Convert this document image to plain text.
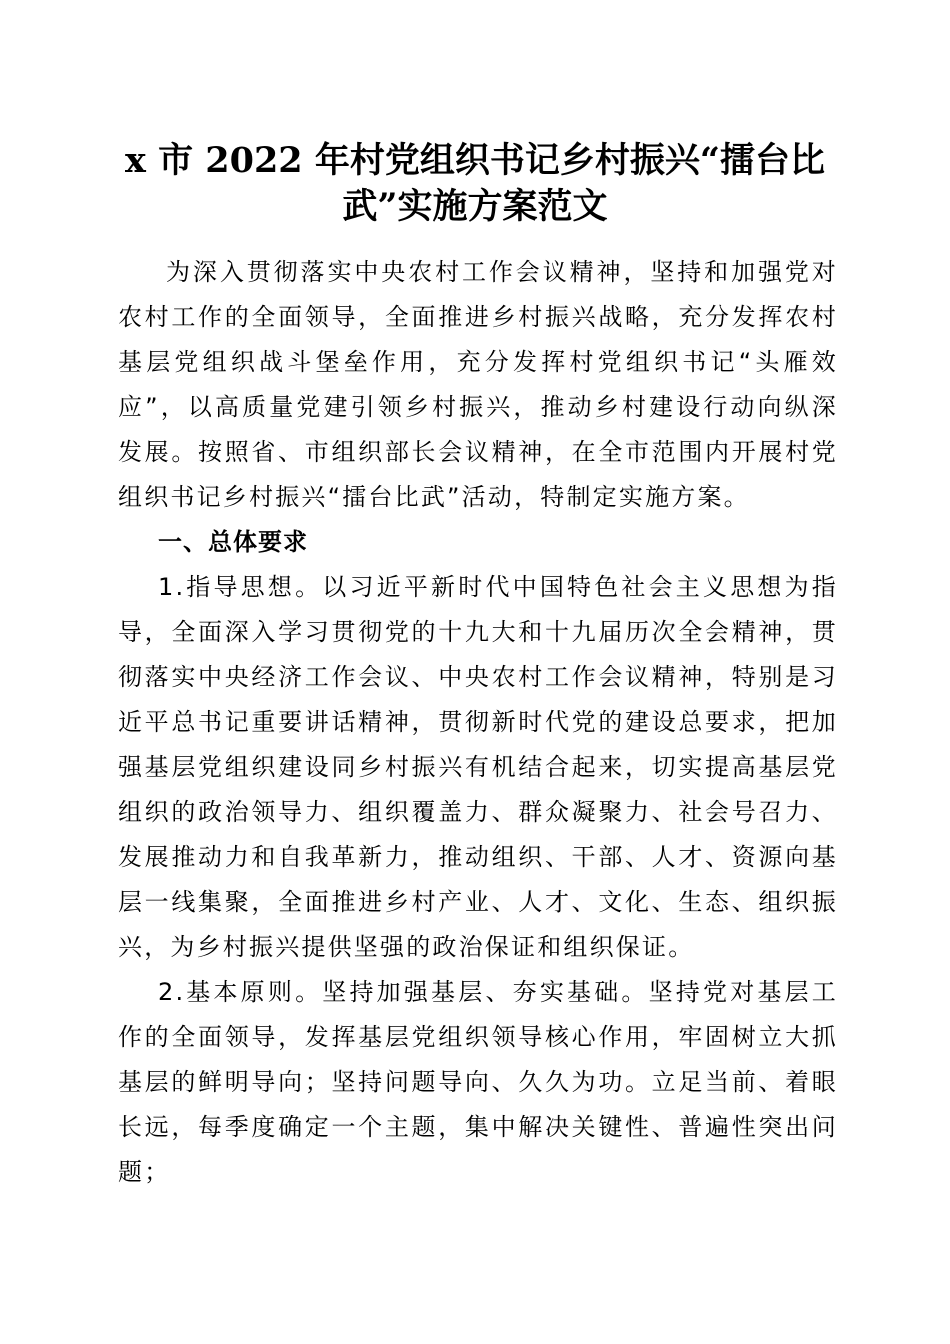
x 市 2022 年村党组织书记乡村振兴“擂台比
武”实施方案范文

为深入贯彻落实中央农村工作会议精神，坚持和加强党对农村工作的全面领导，全面推进乡村振兴战略，充分发挥农村基层党组织战斗堡垒作用，充分发挥村党组织书记“头雁效应”，以高质量党建引领乡村振兴，推动乡村建设行动向纵深发展。按照省、市组织部长会议精神，在全市范围内开展村党组织书记乡村振兴“擂台比武”活动，特制定实施方案。

一、总体要求

1.指导思想。以习近平新时代中国特色社会主义思想为指导，全面深入学习贯彻党的十九大和十九届历次全会精神，贯彻落实中央经济工作会议、中央农村工作会议精神，特别是习近平总书记重要讲话精神，贯彻新时代党的建设总要求，把加强基层党组织建设同乡村振兴有机结合起来，切实提高基层党组织的政治领导力、组织覆盖力、群众凝聚力、社会号召力、发展推动力和自我革新力，推动组织、干部、人才、资源向基层一线集聚，全面推进乡村产业、人才、文化、生态、组织振兴，为乡村振兴提供坚强的政治保证和组织保证。

2.基本原则。坚持加强基层、夯实基础。坚持党对基层工作的全面领导，发挥基层党组织领导核心作用，牢固树立大抓基层的鲜明导向；坚持问题导向、久久为功。立足当前、着眼长远，每季度确定一个主题，集中解决关键性、普遍性突出问题；
